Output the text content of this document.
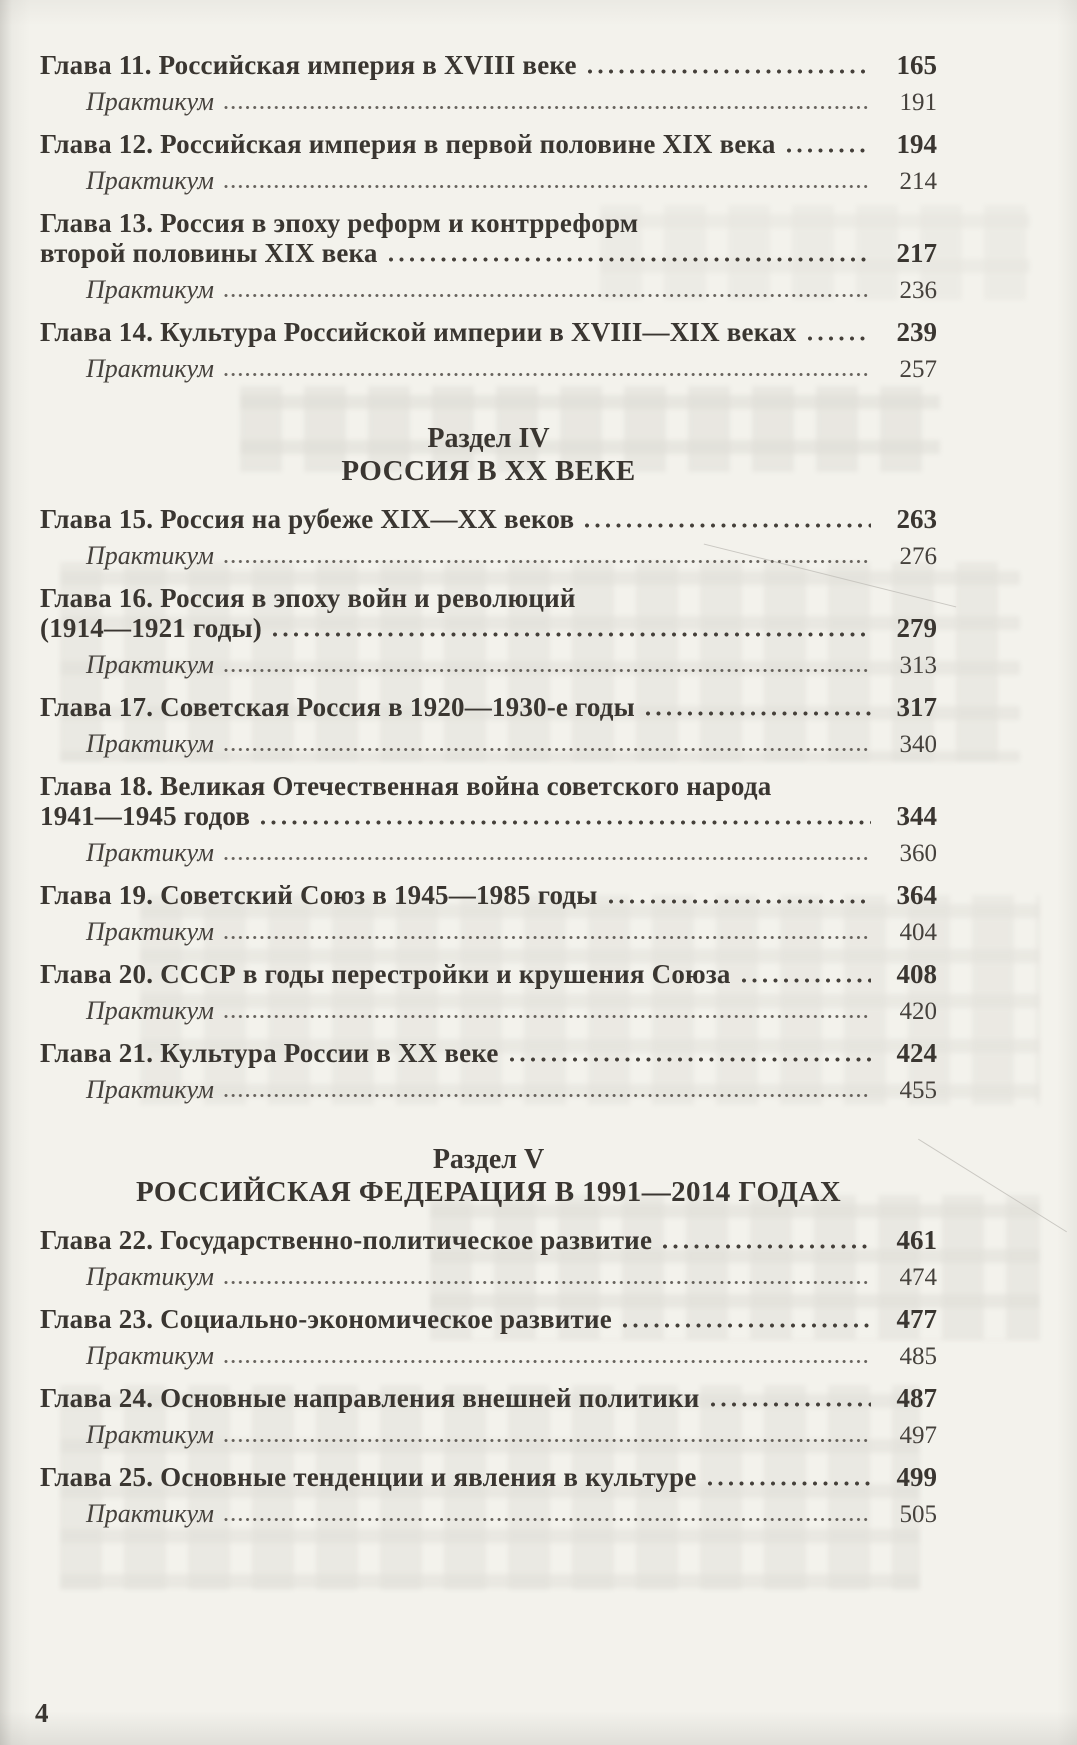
Глава 11. Российская империя в XVIII веке	165
Практикум	191
Глава 12. Российская империя в первой половине XIX века	194
Практикум	214
Глава 13. Россия в эпоху реформ и контрреформ
второй половины XIX века	217
Практикум	236
Глава 14. Культура Российской империи в XVIII—XIX веках	239
Практикум	257
Раздел IV
РОССИЯ В XX ВЕКЕ
Глава 15. Россия на рубеже XIX—XX веков	263
Практикум	276
Глава 16. Россия в эпоху войн и революций
(1914—1921 годы)	279
Практикум	313
Глава 17. Советская Россия в 1920—1930-е годы	317
Практикум	340
Глава 18. Великая Отечественная война советского народа
1941—1945 годов	344
Практикум	360
Глава 19. Советский Союз в 1945—1985 годы	364
Практикум	404
Глава 20. СССР в годы перестройки и крушения Союза	408
Практикум	420
Глава 21. Культура России в XX веке	424
Практикум	455
Раздел V
РОССИЙСКАЯ ФЕДЕРАЦИЯ В 1991—2014 ГОДАХ
Глава 22. Государственно-политическое развитие	461
Практикум	474
Глава 23. Социально-экономическое развитие	477
Практикум	485
Глава 24. Основные направления внешней политики	487
Практикум	497
Глава 25. Основные тенденции и явления в культуре	499
Практикум	505
4
